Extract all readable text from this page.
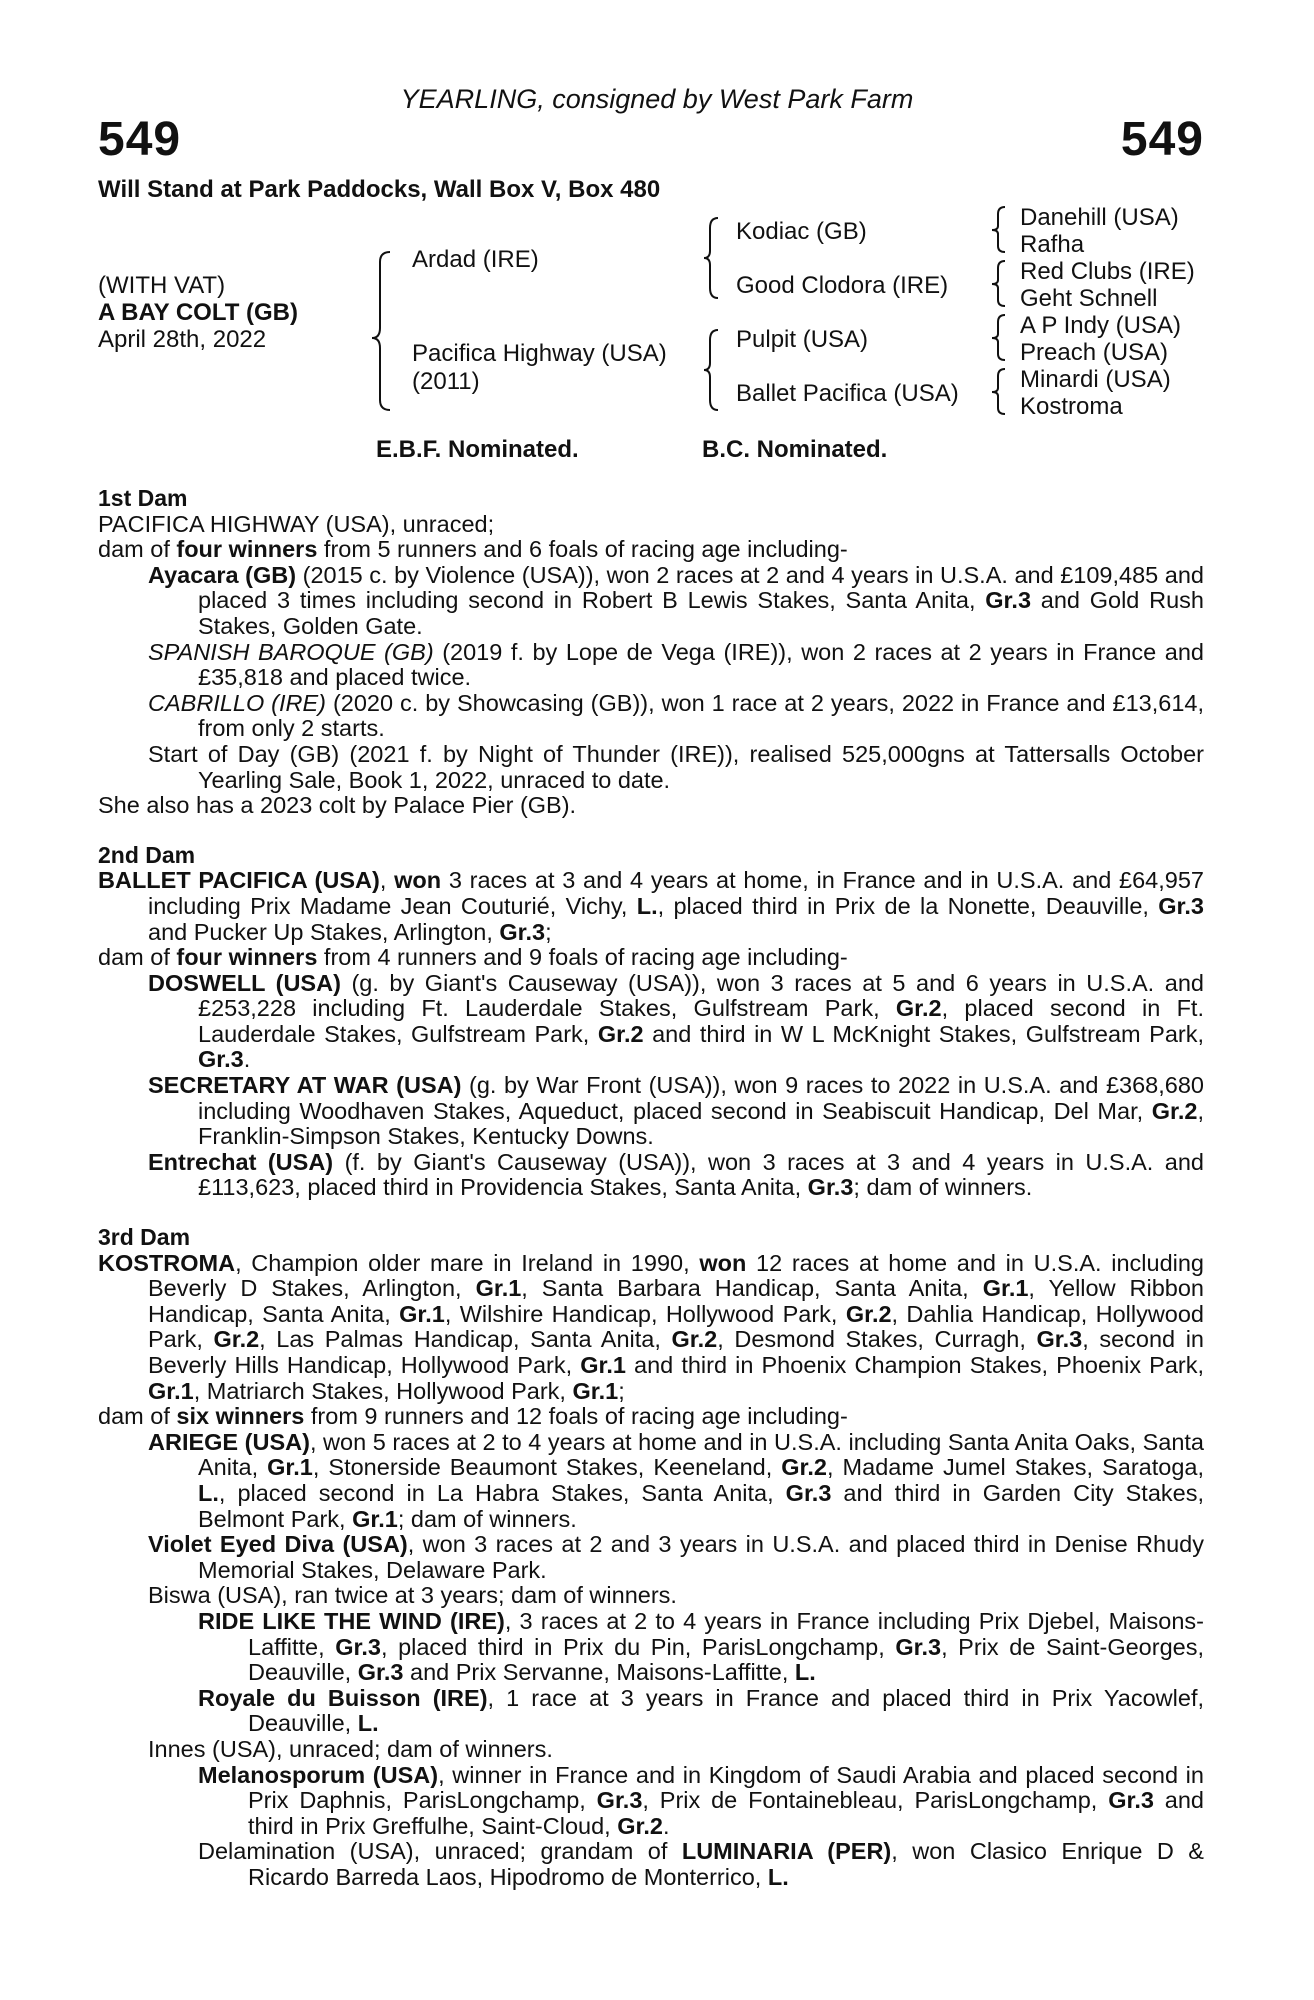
YEARLING, consigned by West Park Farm
549	549
Will Stand at Park Paddocks, Wall Box V, Box 480
(WITH VAT)
A BAY COLT (GB)
April 28th, 2022
Ardad (IRE)
Pacifica Highway (USA)
(2011)
Kodiac (GB)
Good Clodora (IRE)
Pulpit (USA)
Ballet Pacifica (USA)
Danehill (USA)
Rafha
Red Clubs (IRE)
Geht Schnell
A P Indy (USA)
Preach (USA)
Minardi (USA)
Kostroma
E.B.F. Nominated.	B.C. Nominated.
1st Dam
PACIFICA HIGHWAY (USA), unraced;
dam of four winners from 5 runners and 6 foals of racing age including-
Ayacara (GB) (2015 c. by Violence (USA)), won 2 races at 2 and 4 years in U.S.A. and £109,485 and placed 3 times including second in Robert B Lewis Stakes, Santa Anita, Gr.3 and Gold Rush Stakes, Golden Gate.
SPANISH BAROQUE (GB) (2019 f. by Lope de Vega (IRE)), won 2 races at 2 years in France and £35,818 and placed twice.
CABRILLO (IRE) (2020 c. by Showcasing (GB)), won 1 race at 2 years, 2022 in France and £13,614, from only 2 starts.
Start of Day (GB) (2021 f. by Night of Thunder (IRE)), realised 525,000gns at Tattersalls October Yearling Sale, Book 1, 2022, unraced to date.
She also has a 2023 colt by Palace Pier (GB).
2nd Dam
BALLET PACIFICA (USA), won 3 races at 3 and 4 years at home, in France and in U.S.A. and £64,957 including Prix Madame Jean Couturié, Vichy, L., placed third in Prix de la Nonette, Deauville, Gr.3 and Pucker Up Stakes, Arlington, Gr.3;
dam of four winners from 4 runners and 9 foals of racing age including-
DOSWELL (USA) (g. by Giant's Causeway (USA)), won 3 races at 5 and 6 years in U.S.A. and £253,228 including Ft. Lauderdale Stakes, Gulfstream Park, Gr.2, placed second in Ft. Lauderdale Stakes, Gulfstream Park, Gr.2 and third in W L McKnight Stakes, Gulfstream Park, Gr.3.
SECRETARY AT WAR (USA) (g. by War Front (USA)), won 9 races to 2022 in U.S.A. and £368,680 including Woodhaven Stakes, Aqueduct, placed second in Seabiscuit Handicap, Del Mar, Gr.2, Franklin-Simpson Stakes, Kentucky Downs.
Entrechat (USA) (f. by Giant's Causeway (USA)), won 3 races at 3 and 4 years in U.S.A. and £113,623, placed third in Providencia Stakes, Santa Anita, Gr.3; dam of winners.
3rd Dam
KOSTROMA, Champion older mare in Ireland in 1990, won 12 races at home and in U.S.A. including Beverly D Stakes, Arlington, Gr.1, Santa Barbara Handicap, Santa Anita, Gr.1, Yellow Ribbon Handicap, Santa Anita, Gr.1, Wilshire Handicap, Hollywood Park, Gr.2, Dahlia Handicap, Hollywood Park, Gr.2, Las Palmas Handicap, Santa Anita, Gr.2, Desmond Stakes, Curragh, Gr.3, second in Beverly Hills Handicap, Hollywood Park, Gr.1 and third in Phoenix Champion Stakes, Phoenix Park, Gr.1, Matriarch Stakes, Hollywood Park, Gr.1;
dam of six winners from 9 runners and 12 foals of racing age including-
ARIEGE (USA), won 5 races at 2 to 4 years at home and in U.S.A. including Santa Anita Oaks, Santa Anita, Gr.1, Stonerside Beaumont Stakes, Keeneland, Gr.2, Madame Jumel Stakes, Saratoga, L., placed second in La Habra Stakes, Santa Anita, Gr.3 and third in Garden City Stakes, Belmont Park, Gr.1; dam of winners.
Violet Eyed Diva (USA), won 3 races at 2 and 3 years in U.S.A. and placed third in Denise Rhudy Memorial Stakes, Delaware Park.
Biswa (USA), ran twice at 3 years; dam of winners.
RIDE LIKE THE WIND (IRE), 3 races at 2 to 4 years in France including Prix Djebel, Maisons-Laffitte, Gr.3, placed third in Prix du Pin, ParisLongchamp, Gr.3, Prix de Saint-Georges, Deauville, Gr.3 and Prix Servanne, Maisons-Laffitte, L.
Royale du Buisson (IRE), 1 race at 3 years in France and placed third in Prix Yacowlef, Deauville, L.
Innes (USA), unraced; dam of winners.
Melanosporum (USA), winner in France and in Kingdom of Saudi Arabia and placed second in Prix Daphnis, ParisLongchamp, Gr.3, Prix de Fontainebleau, ParisLongchamp, Gr.3 and third in Prix Greffulhe, Saint-Cloud, Gr.2.
Delamination (USA), unraced; grandam of LUMINARIA (PER), won Clasico Enrique D & Ricardo Barreda Laos, Hipodromo de Monterrico, L.
